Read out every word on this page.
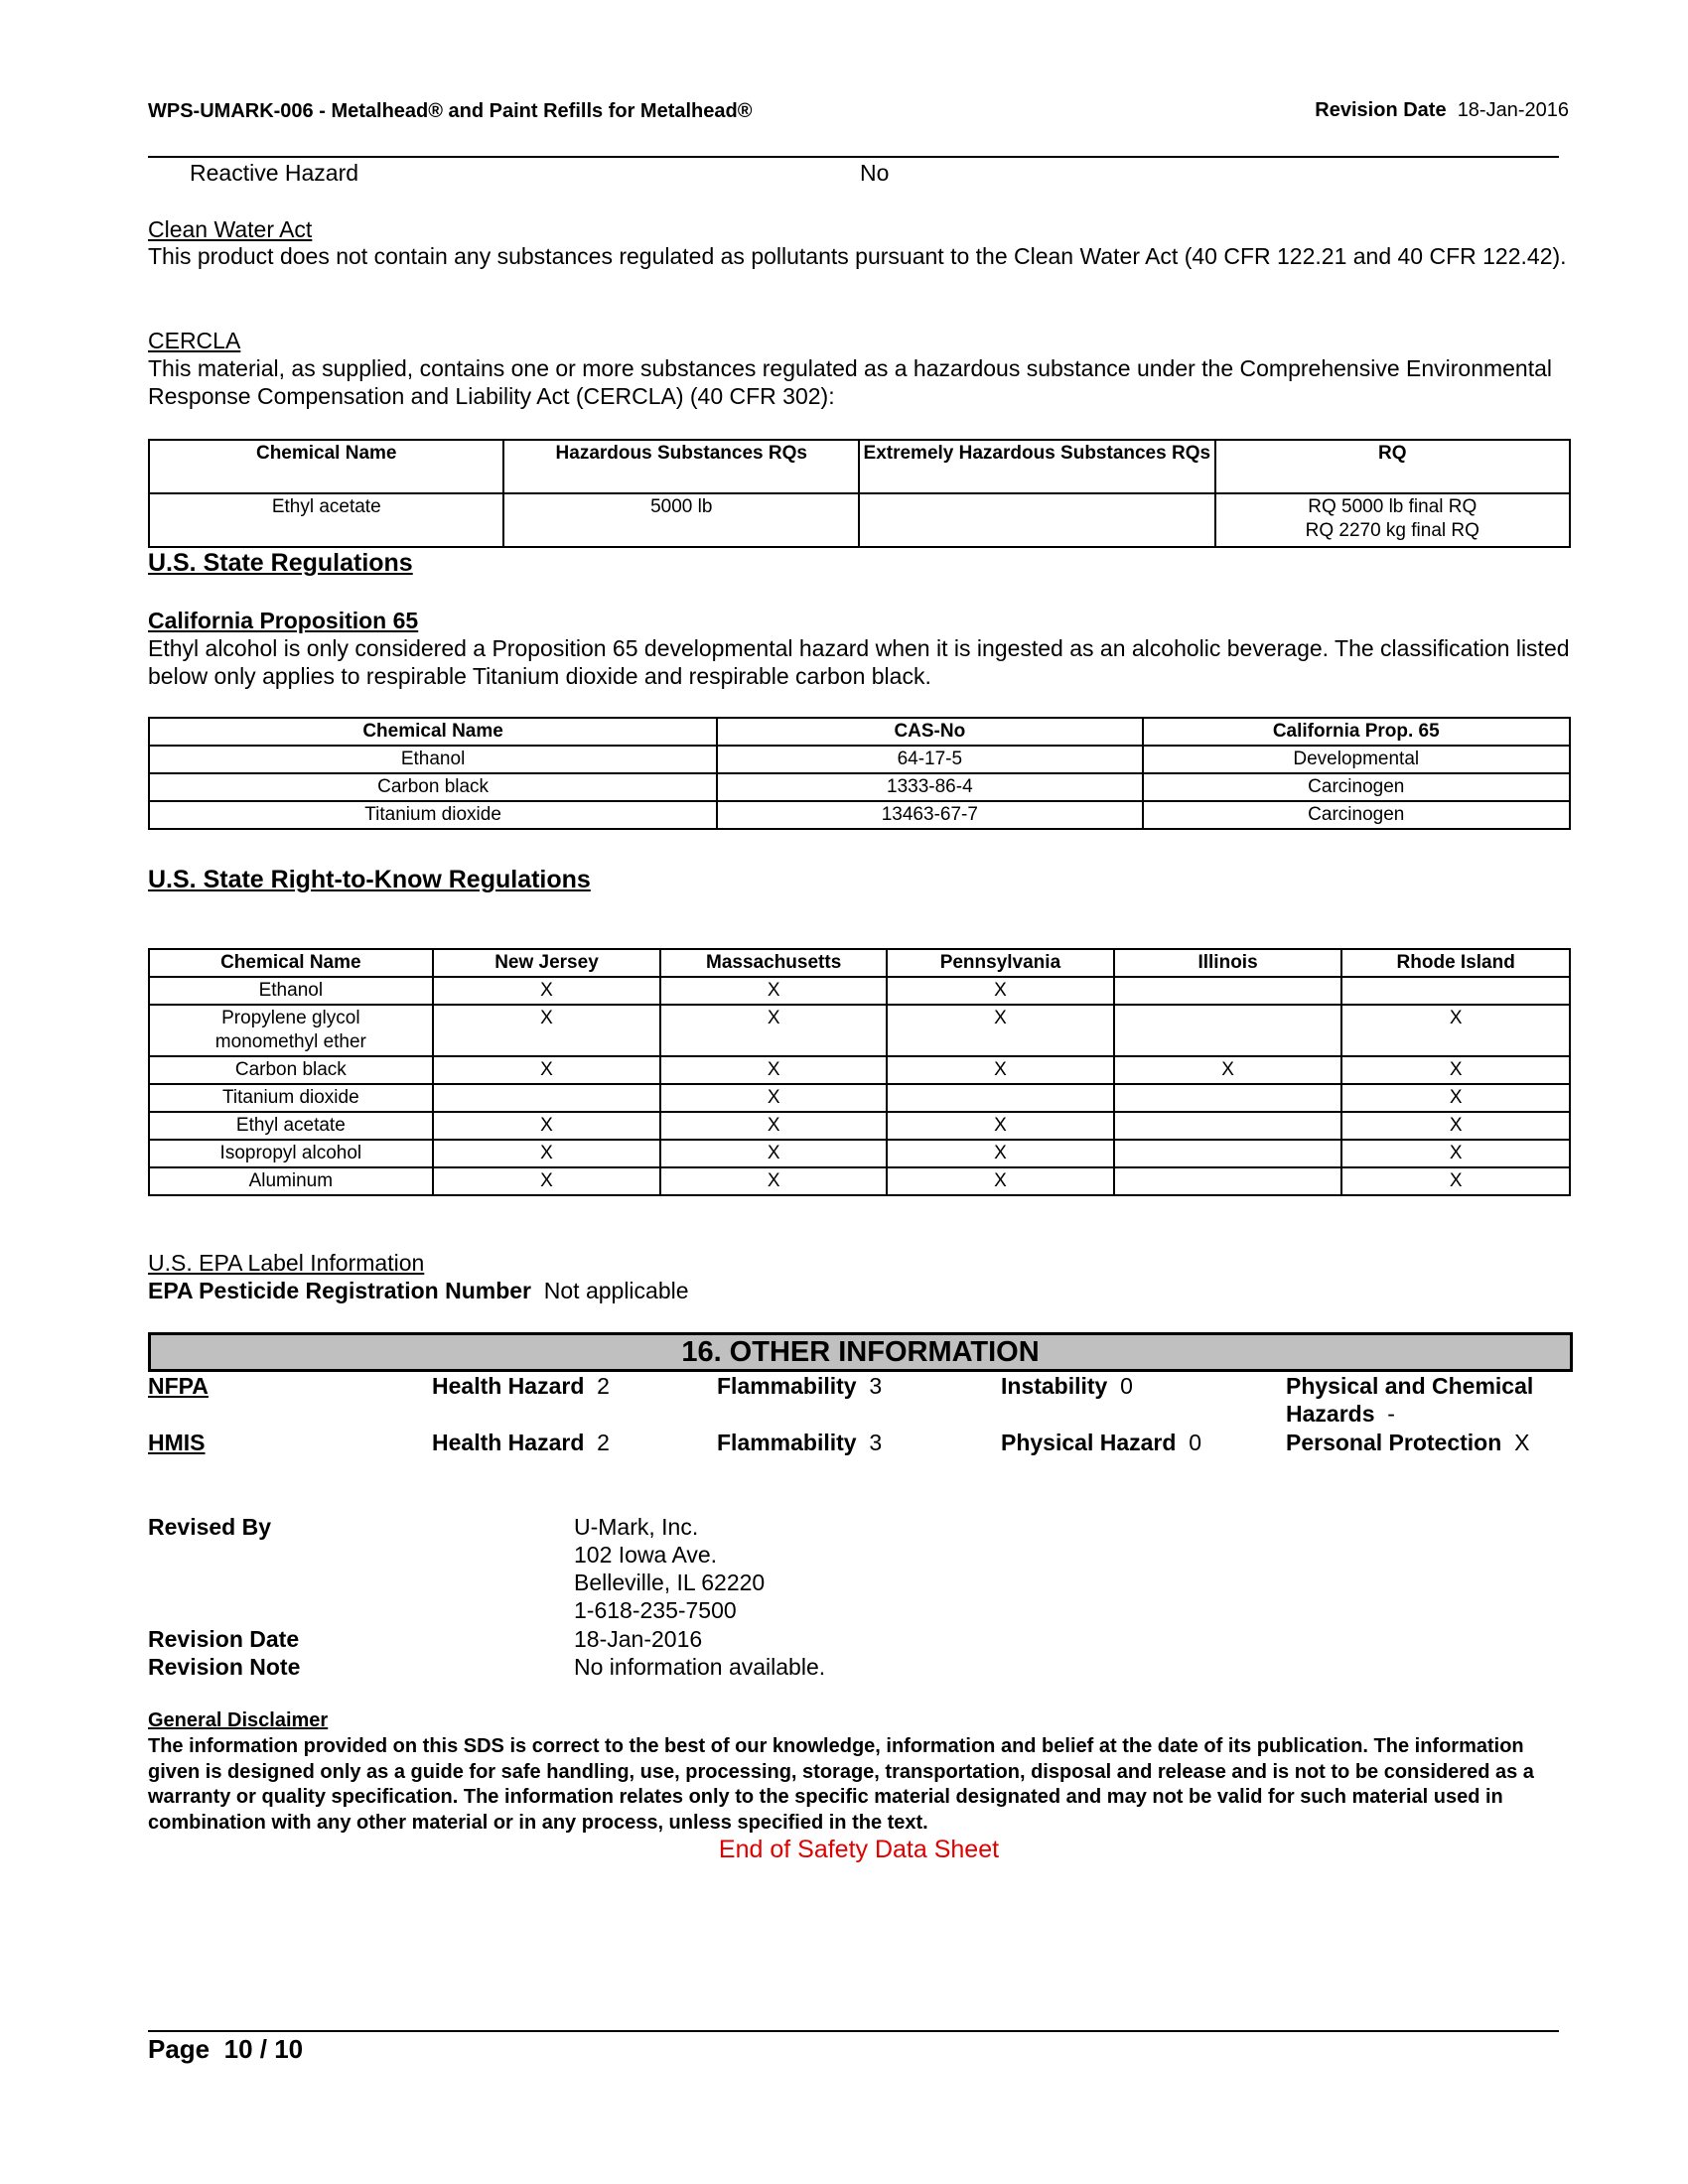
WPS-UMARK-006 - Metalhead® and Paint Refills for Metalhead®	Revision Date 18-Jan-2016
Reactive Hazard	No
Clean Water Act
This product does not contain any substances regulated as pollutants pursuant to the Clean Water Act (40 CFR 122.21 and 40 CFR 122.42).
CERCLA
This material, as supplied, contains one or more substances regulated as a hazardous substance under the Comprehensive Environmental Response Compensation and Liability Act (CERCLA) (40 CFR 302):
Chemical Name	Hazardous Substances RQs	Extremely Hazardous Substances RQs	RQ
Ethyl acetate	5000 lb		RQ 5000 lb final RQ
RQ 2270 kg final RQ
U.S. State Regulations
California Proposition 65
Ethyl alcohol is only considered a Proposition 65 developmental hazard when it is ingested as an alcoholic beverage. The classification listed below only applies to respirable Titanium dioxide and respirable carbon black.
Chemical Name	CAS-No	California Prop. 65
Ethanol	64-17-5	Developmental
Carbon black	1333-86-4	Carcinogen
Titanium dioxide	13463-67-7	Carcinogen
U.S. State Right-to-Know Regulations
Chemical Name	New Jersey	Massachusetts	Pennsylvania	Illinois	Rhode Island
Ethanol	X	X	X		
Propylene glycol monomethyl ether	X	X	X		X
Carbon black	X	X	X	X	X
Titanium dioxide		X			X
Ethyl acetate	X	X	X		X
Isopropyl alcohol	X	X	X		X
Aluminum	X	X	X		X
U.S. EPA Label Information
EPA Pesticide Registration Number Not applicable
16. OTHER INFORMATION
NFPA	Health Hazard 2	Flammability 3	Instability 0	Physical and Chemical Hazards -
HMIS	Health Hazard 2	Flammability 3	Physical Hazard 0	Personal Protection X
Revised By	U-Mark, Inc.
102 Iowa Ave.
Belleville, IL 62220
1-618-235-7500
Revision Date	18-Jan-2016
Revision Note	No information available.
General Disclaimer
The information provided on this SDS is correct to the best of our knowledge, information and belief at the date of its publication. The information given is designed only as a guide for safe handling, use, processing, storage, transportation, disposal and release and is not to be considered as a warranty or quality specification. The information relates only to the specific material designated and may not be valid for such material used in combination with any other material or in any process, unless specified in the text.
End of Safety Data Sheet
Page 10 / 10
